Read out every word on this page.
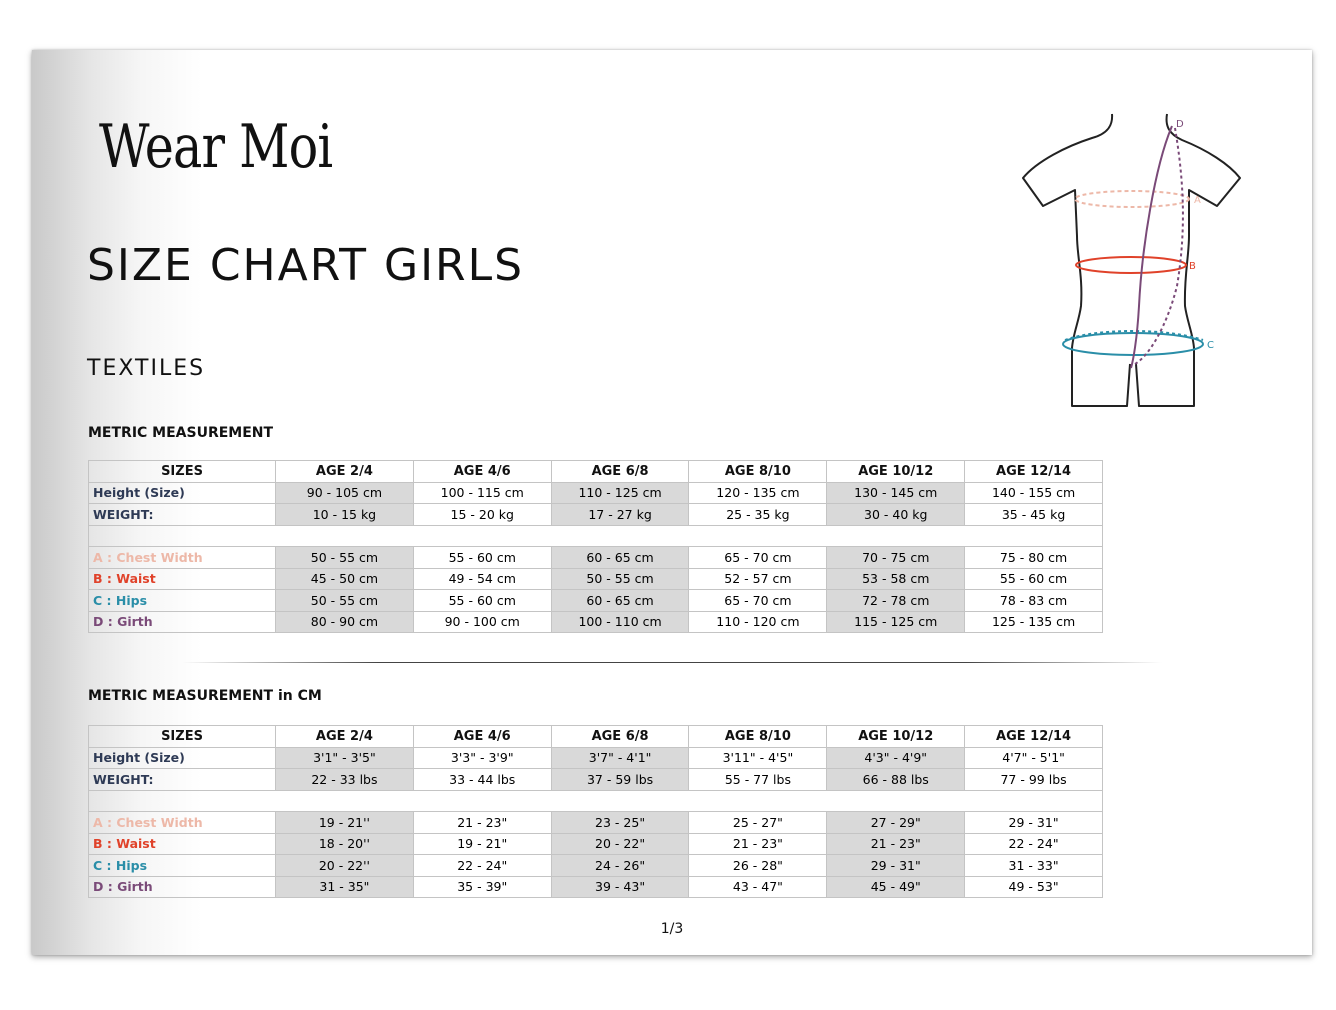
Wear Moi
SIZE CHART GIRLS
TEXTILES
A
B
C
D
METRIC MEASUREMENT
SIZES	AGE 2/4	AGE 4/6	AGE 6/8	AGE 8/10	AGE 10/12	AGE 12/14
Height (Size)	90 - 105 cm	100 - 115 cm	110 - 125 cm	120 - 135 cm	130 - 145 cm	140 - 155 cm
WEIGHT:	10 - 15 kg	15 - 20 kg	17 - 27 kg	25 - 35 kg	30 - 40 kg	35 - 45 kg

A : Chest Width	50 - 55 cm	55 - 60 cm	60 - 65 cm	65 - 70 cm	70 - 75 cm	75 - 80 cm
B : Waist	45 - 50 cm	49 - 54 cm	50 - 55 cm	52 - 57 cm	53 - 58 cm	55 - 60 cm
C : Hips	50 - 55 cm	55 - 60 cm	60 - 65 cm	65 - 70 cm	72 - 78 cm	78 - 83 cm
D : Girth	80 - 90 cm	90 - 100 cm	100 - 110 cm	110 - 120 cm	115 - 125 cm	125 - 135 cm
METRIC MEASUREMENT in CM
SIZES	AGE 2/4	AGE 4/6	AGE 6/8	AGE 8/10	AGE 10/12	AGE 12/14
Height (Size)	3'1" - 3'5"	3'3" - 3'9"	3'7" - 4'1"	3'11" - 4'5"	4'3" - 4'9"	4'7" - 5'1"
WEIGHT:	22 - 33 lbs	33 - 44 lbs	37 - 59 lbs	55 - 77 lbs	66 - 88 lbs	77 - 99 lbs

A : Chest Width	19 - 21''	21 - 23"	23 - 25"	25 - 27"	27 - 29"	29 - 31"
B : Waist	18 - 20''	19 - 21"	20 - 22"	21 - 23"	21 - 23"	22 - 24"
C : Hips	20 - 22''	22 - 24"	24 - 26"	26 - 28"	29 - 31"	31 - 33"
D : Girth	31 - 35"	35 - 39"	39 - 43"	43 - 47"	45 - 49"	49 - 53"
1/3
